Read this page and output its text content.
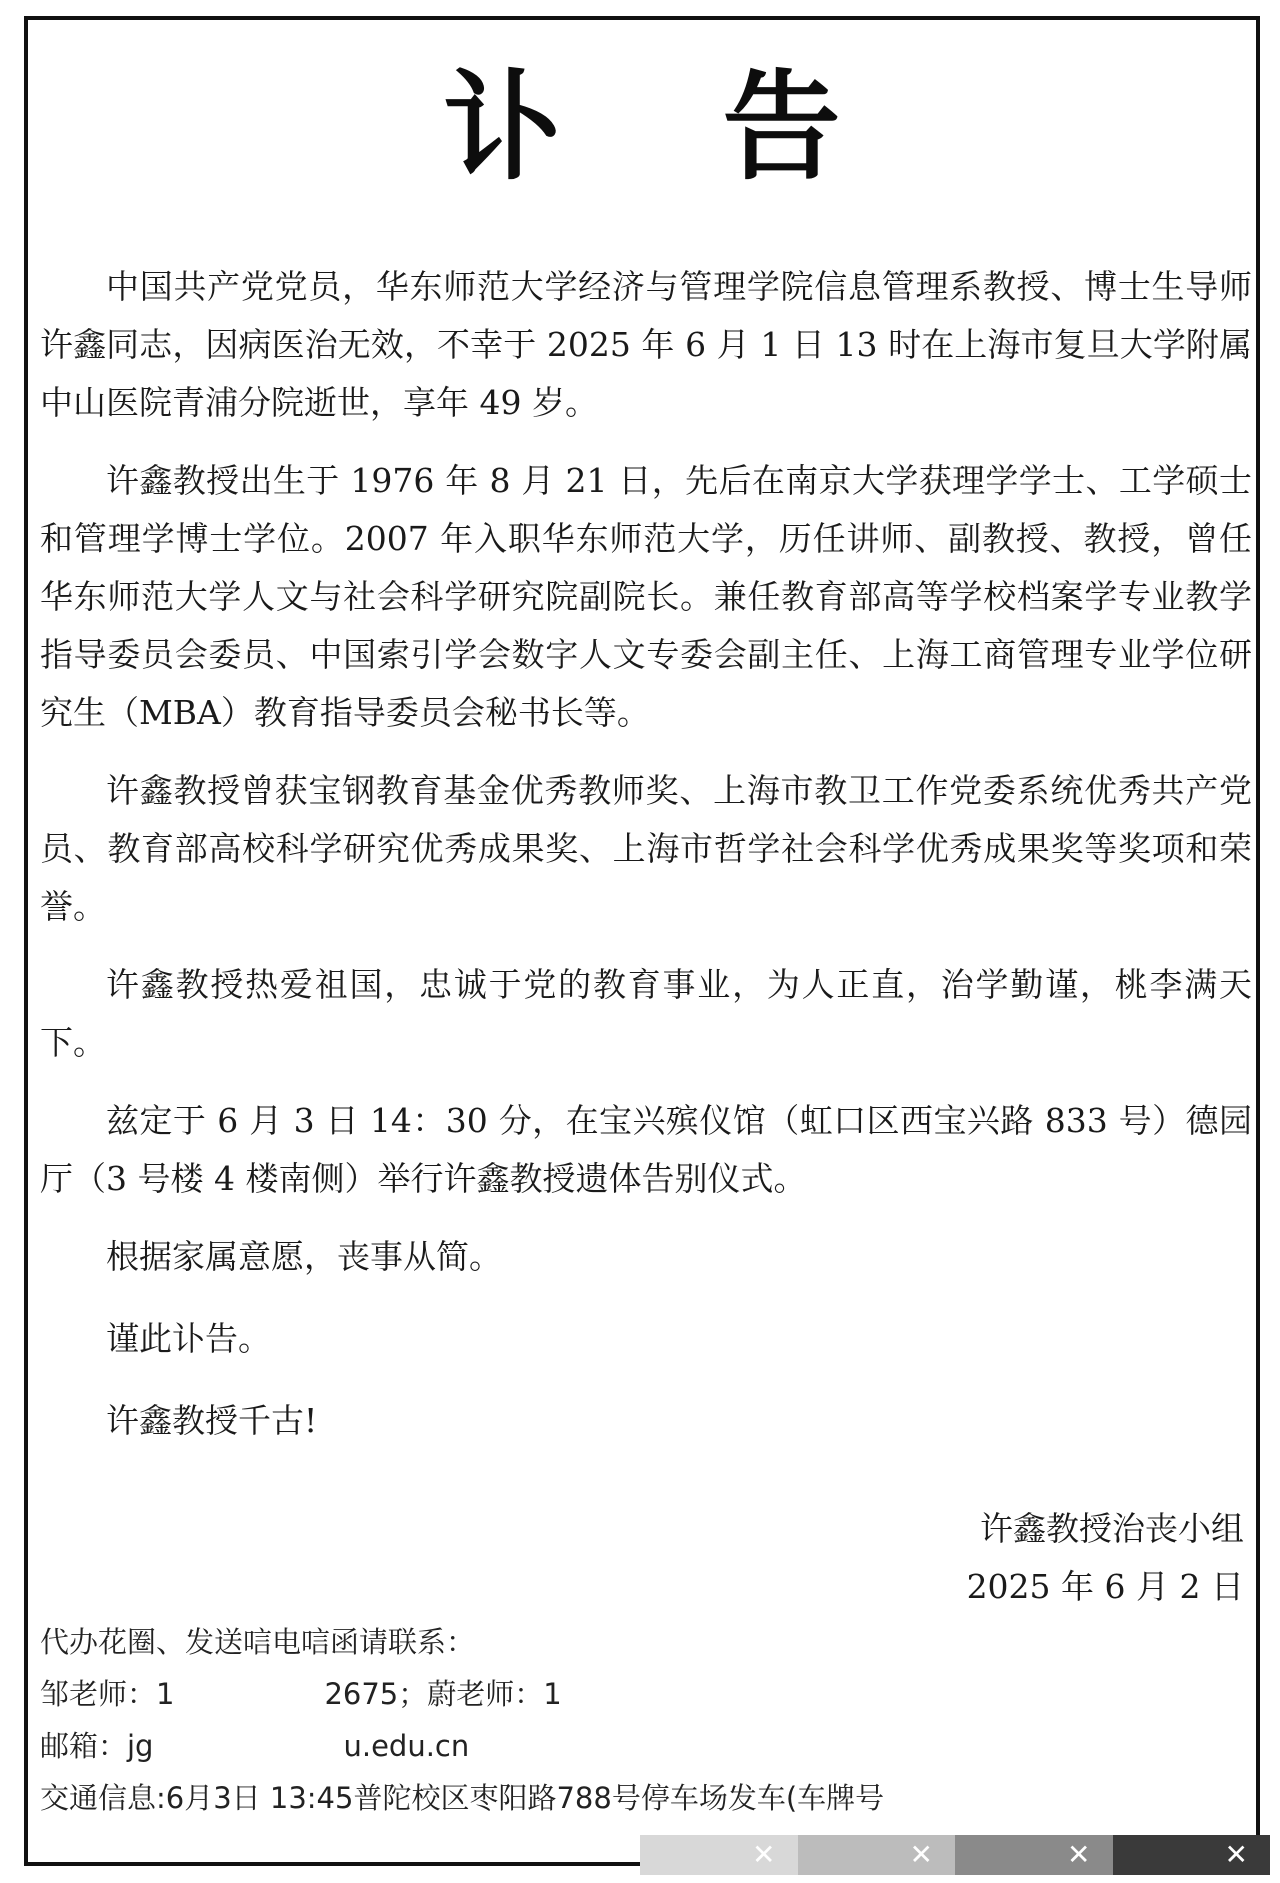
讣 告

中国共产党党员，华东师范大学经济与管理学院信息管理系教授、博士生导师许鑫同志，因病医治无效，不幸于 2025 年 6 月 1 日 13 时在上海市复旦大学附属中山医院青浦分院逝世，享年 49 岁。

许鑫教授出生于 1976 年 8 月 21 日，先后在南京大学获理学学士、工学硕士和管理学博士学位。2007 年入职华东师范大学，历任讲师、副教授、教授，曾任华东师范大学人文与社会科学研究院副院长。兼任教育部高等学校档案学专业教学指导委员会委员、中国索引学会数字人文专委会副主任、上海工商管理专业学位研究生（MBA）教育指导委员会秘书长等。

许鑫教授曾获宝钢教育基金优秀教师奖、上海市教卫工作党委系统优秀共产党员、教育部高校科学研究优秀成果奖、上海市哲学社会科学优秀成果奖等奖项和荣誉。

许鑫教授热爱祖国，忠诚于党的教育事业，为人正直，治学勤谨，桃李满天下。

兹定于 6 月 3 日 14：30 分，在宝兴殡仪馆（虹口区西宝兴路 833 号）德园厅（3 号楼 4 楼南侧）举行许鑫教授遗体告别仪式。

根据家属意愿，丧事从简。

谨此讣告。

许鑫教授千古!

许鑫教授治丧小组
2025 年 6 月 2 日
代办花圈、发送唁电唁函请联系：
邹老师：1	2675；蔚老师：1
邮箱：jg	u.edu.cn
交通信息:6月3日 13:45普陀校区枣阳路788号停车场发车(车牌号
✕	✕	✕	✕
